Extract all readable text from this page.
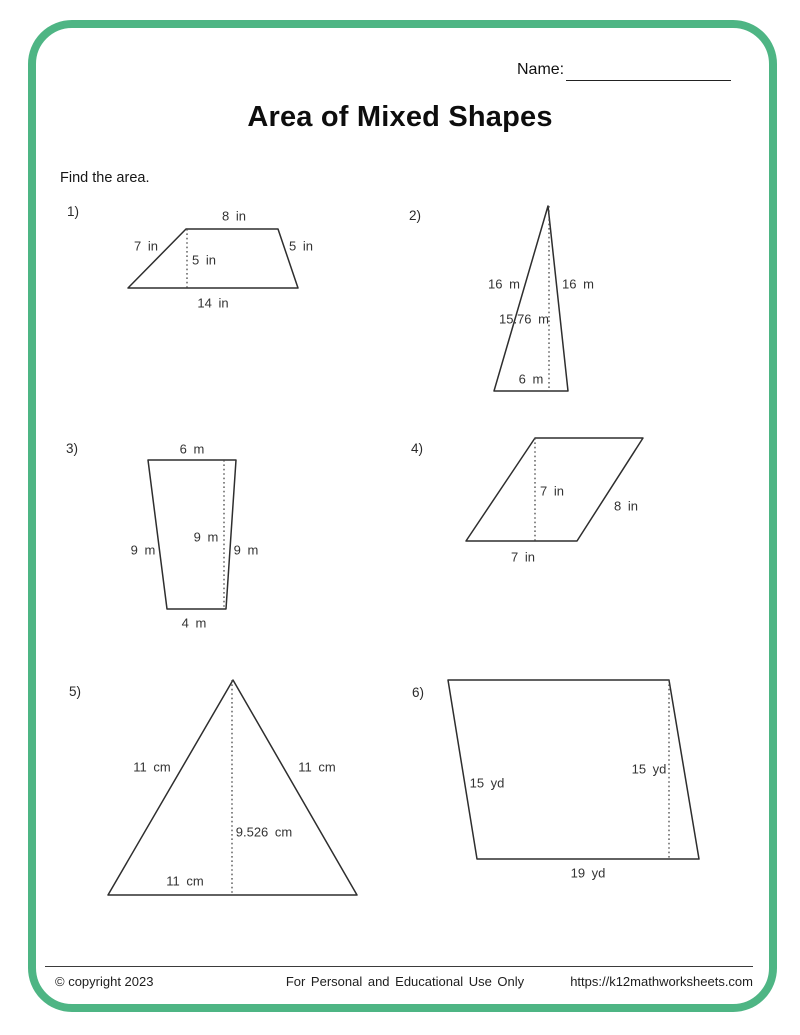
Name:
Area of Mixed Shapes
Find the area.
1)	8 in
7 in	5 in
5 in
14 in
2)
16 m	16 m
15.76 m
6 m
3)	6 m
9 m
9 m	9 m
4 m
4)
7 in
8 in
7 in
5)
11 cm	11 cm
9.526 cm
11 cm
6)
15 yd
15 yd
19 yd
© copyright 2023	For Personal and Educational Use Only	https://k12mathworksheets.com
